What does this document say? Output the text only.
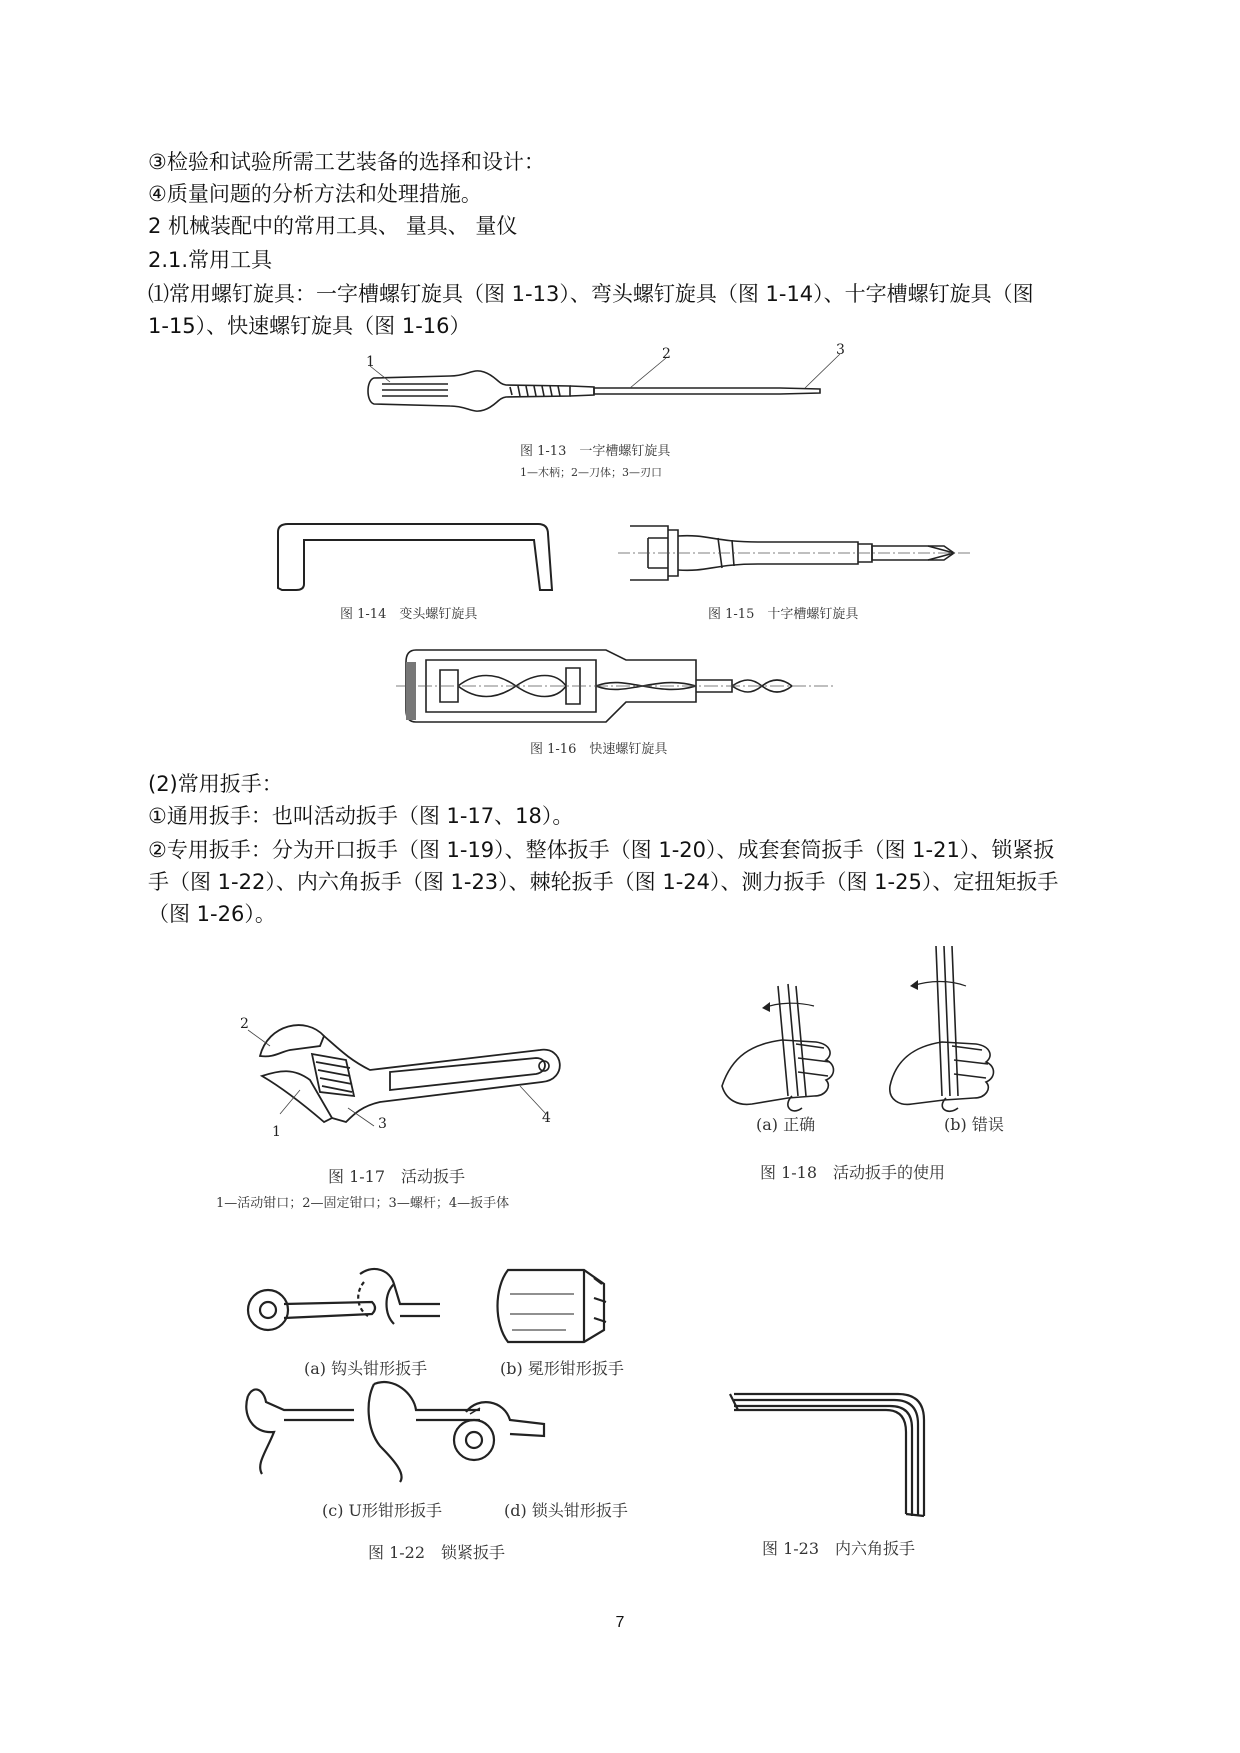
③检验和试验所需工艺装备的选择和设计：
④质量问题的分析方法和处理措施。
2 机械装配中的常用工具、 量具、 量仪
2.1.常用工具
⑴常用螺钉旋具：一字槽螺钉旋具（图 1-13）、弯头螺钉旋具（图 1-14）、十字槽螺钉旋具（图
1-15）、快速螺钉旋具（图 1-16）
1	2	3
图 1-13　一字槽螺钉旋具
1—木柄；2—刀体；3—刃口
图 1-14　变头螺钉旋具	图 1-15　十字槽螺钉旋具
图 1-16　快速螺钉旋具
(2)常用扳手：
①通用扳手：也叫活动扳手（图 1-17、18）。
②专用扳手：分为开口扳手（图 1-19）、整体扳手（图 1-20）、成套套筒扳手（图 1-21）、锁紧扳
手（图 1-22）、内六角扳手（图 1-23）、棘轮扳手（图 1-24）、测力扳手（图 1-25）、定扭矩扳手
（图 1-26）。
2
1	3	4
图 1-17　活动扳手
1—活动钳口；2—固定钳口；3—螺杆；4—扳手体
(a) 正确	(b) 错误
图 1-18　活动扳手的使用
(a) 钩头钳形扳手	(b) 冕形钳形扳手
(c) U形钳形扳手	(d) 锁头钳形扳手
图 1-22　锁紧扳手	图 1-23　内六角扳手
7
